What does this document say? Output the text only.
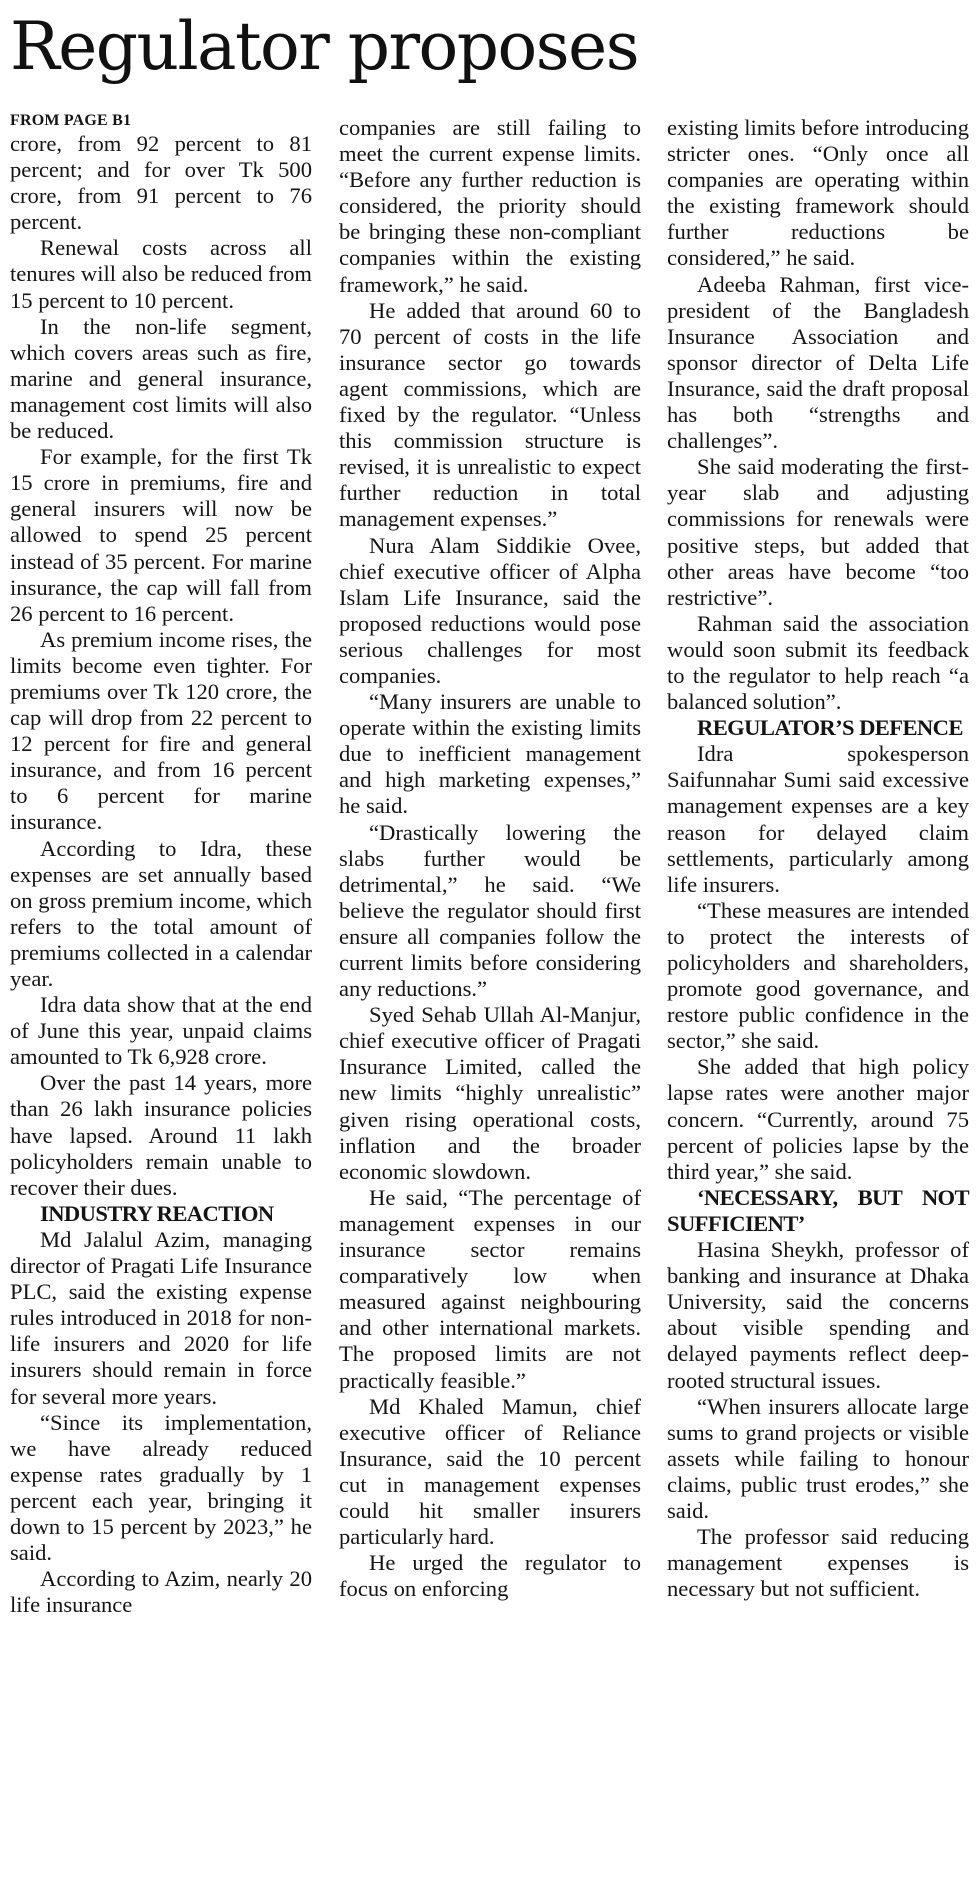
Regulator proposes
FROM PAGE B1

crore, from 92 percent to 81 percent; and for over Tk 500 crore, from 91 percent to 76 percent.

Renewal costs across all tenures will also be reduced from 15 percent to 10 percent.

In the non-life segment, which covers areas such as fire, marine and general insurance, management cost limits will also be reduced.

For example, for the first Tk 15 crore in premiums, fire and general insurers will now be allowed to spend 25 percent instead of 35 percent. For marine insurance, the cap will fall from 26 percent to 16 percent.

As premium income rises, the limits become even tighter. For premiums over Tk 120 crore, the cap will drop from 22 percent to 12 percent for fire and general insurance, and from 16 percent to 6 percent for marine insurance.

According to Idra, these expenses are set annually based on gross premium income, which refers to the total amount of premiums collected in a calendar year.

Idra data show that at the end of June this year, unpaid claims amounted to Tk 6,928 crore.

Over the past 14 years, more than 26 lakh insurance policies have lapsed. Around 11 lakh policyholders remain unable to recover their dues.

INDUSTRY REACTION

Md Jalalul Azim, managing director of Pragati Life Insurance PLC, said the existing expense rules introduced in 2018 for non-life insurers and 2020 for life insurers should remain in force for several more years.

“Since its implementation, we have already reduced expense rates gradually by 1 percent each year, bringing it down to 15 percent by 2023,” he said.

According to Azim, nearly 20 life insurance

companies are still failing to meet the current expense limits. “Before any further reduction is considered, the priority should be bringing these non-compliant companies within the existing framework,” he said.

He added that around 60 to 70 percent of costs in the life insurance sector go towards agent commissions, which are fixed by the regulator. “Unless this commission structure is revised, it is unrealistic to expect further reduction in total management expenses.”

Nura Alam Siddikie Ovee, chief executive officer of Alpha Islam Life Insurance, said the proposed reductions would pose serious challenges for most companies.

“Many insurers are unable to operate within the existing limits due to inefficient management and high marketing expenses,” he said.

“Drastically lowering the slabs further would be detrimental,” he said. “We believe the regulator should first ensure all companies follow the current limits before considering any reductions.”

Syed Sehab Ullah Al-Manjur, chief executive officer of Pragati Insurance Limited, called the new limits “highly unrealistic” given rising operational costs, inflation and the broader economic slowdown.

He said, “The percentage of management expenses in our insurance sector remains comparatively low when measured against neighbouring and other international markets. The proposed limits are not practically feasible.”

Md Khaled Mamun, chief executive officer of Reliance Insurance, said the 10 percent cut in management expenses could hit smaller insurers particularly hard.

He urged the regulator to focus on enforcing

existing limits before introducing stricter ones. “Only once all companies are operating within the existing framework should further reductions be considered,” he said.

Adeeba Rahman, first vice-president of the Bangladesh Insurance Association and sponsor director of Delta Life Insurance, said the draft proposal has both “strengths and challenges”.

She said moderating the first-year slab and adjusting commissions for renewals were positive steps, but added that other areas have become “too restrictive”.

Rahman said the association would soon submit its feedback to the regulator to help reach “a balanced solution”.

REGULATOR’S DEFENCE

Idra spokesperson Saifunnahar Sumi said excessive management expenses are a key reason for delayed claim settlements, particularly among life insurers.

“These measures are intended to protect the interests of policyholders and shareholders, promote good governance, and restore public confidence in the sector,” she said.

She added that high policy lapse rates were another major concern. “Currently, around 75 percent of policies lapse by the third year,” she said.

‘NECESSARY, BUT NOT SUFFICIENT’

Hasina Sheykh, professor of banking and insurance at Dhaka University, said the concerns about visible spending and delayed payments reflect deep-rooted structural issues.

“When insurers allocate large sums to grand projects or visible assets while failing to honour claims, public trust erodes,” she said.

The professor said reducing management expenses is necessary but not sufficient.
